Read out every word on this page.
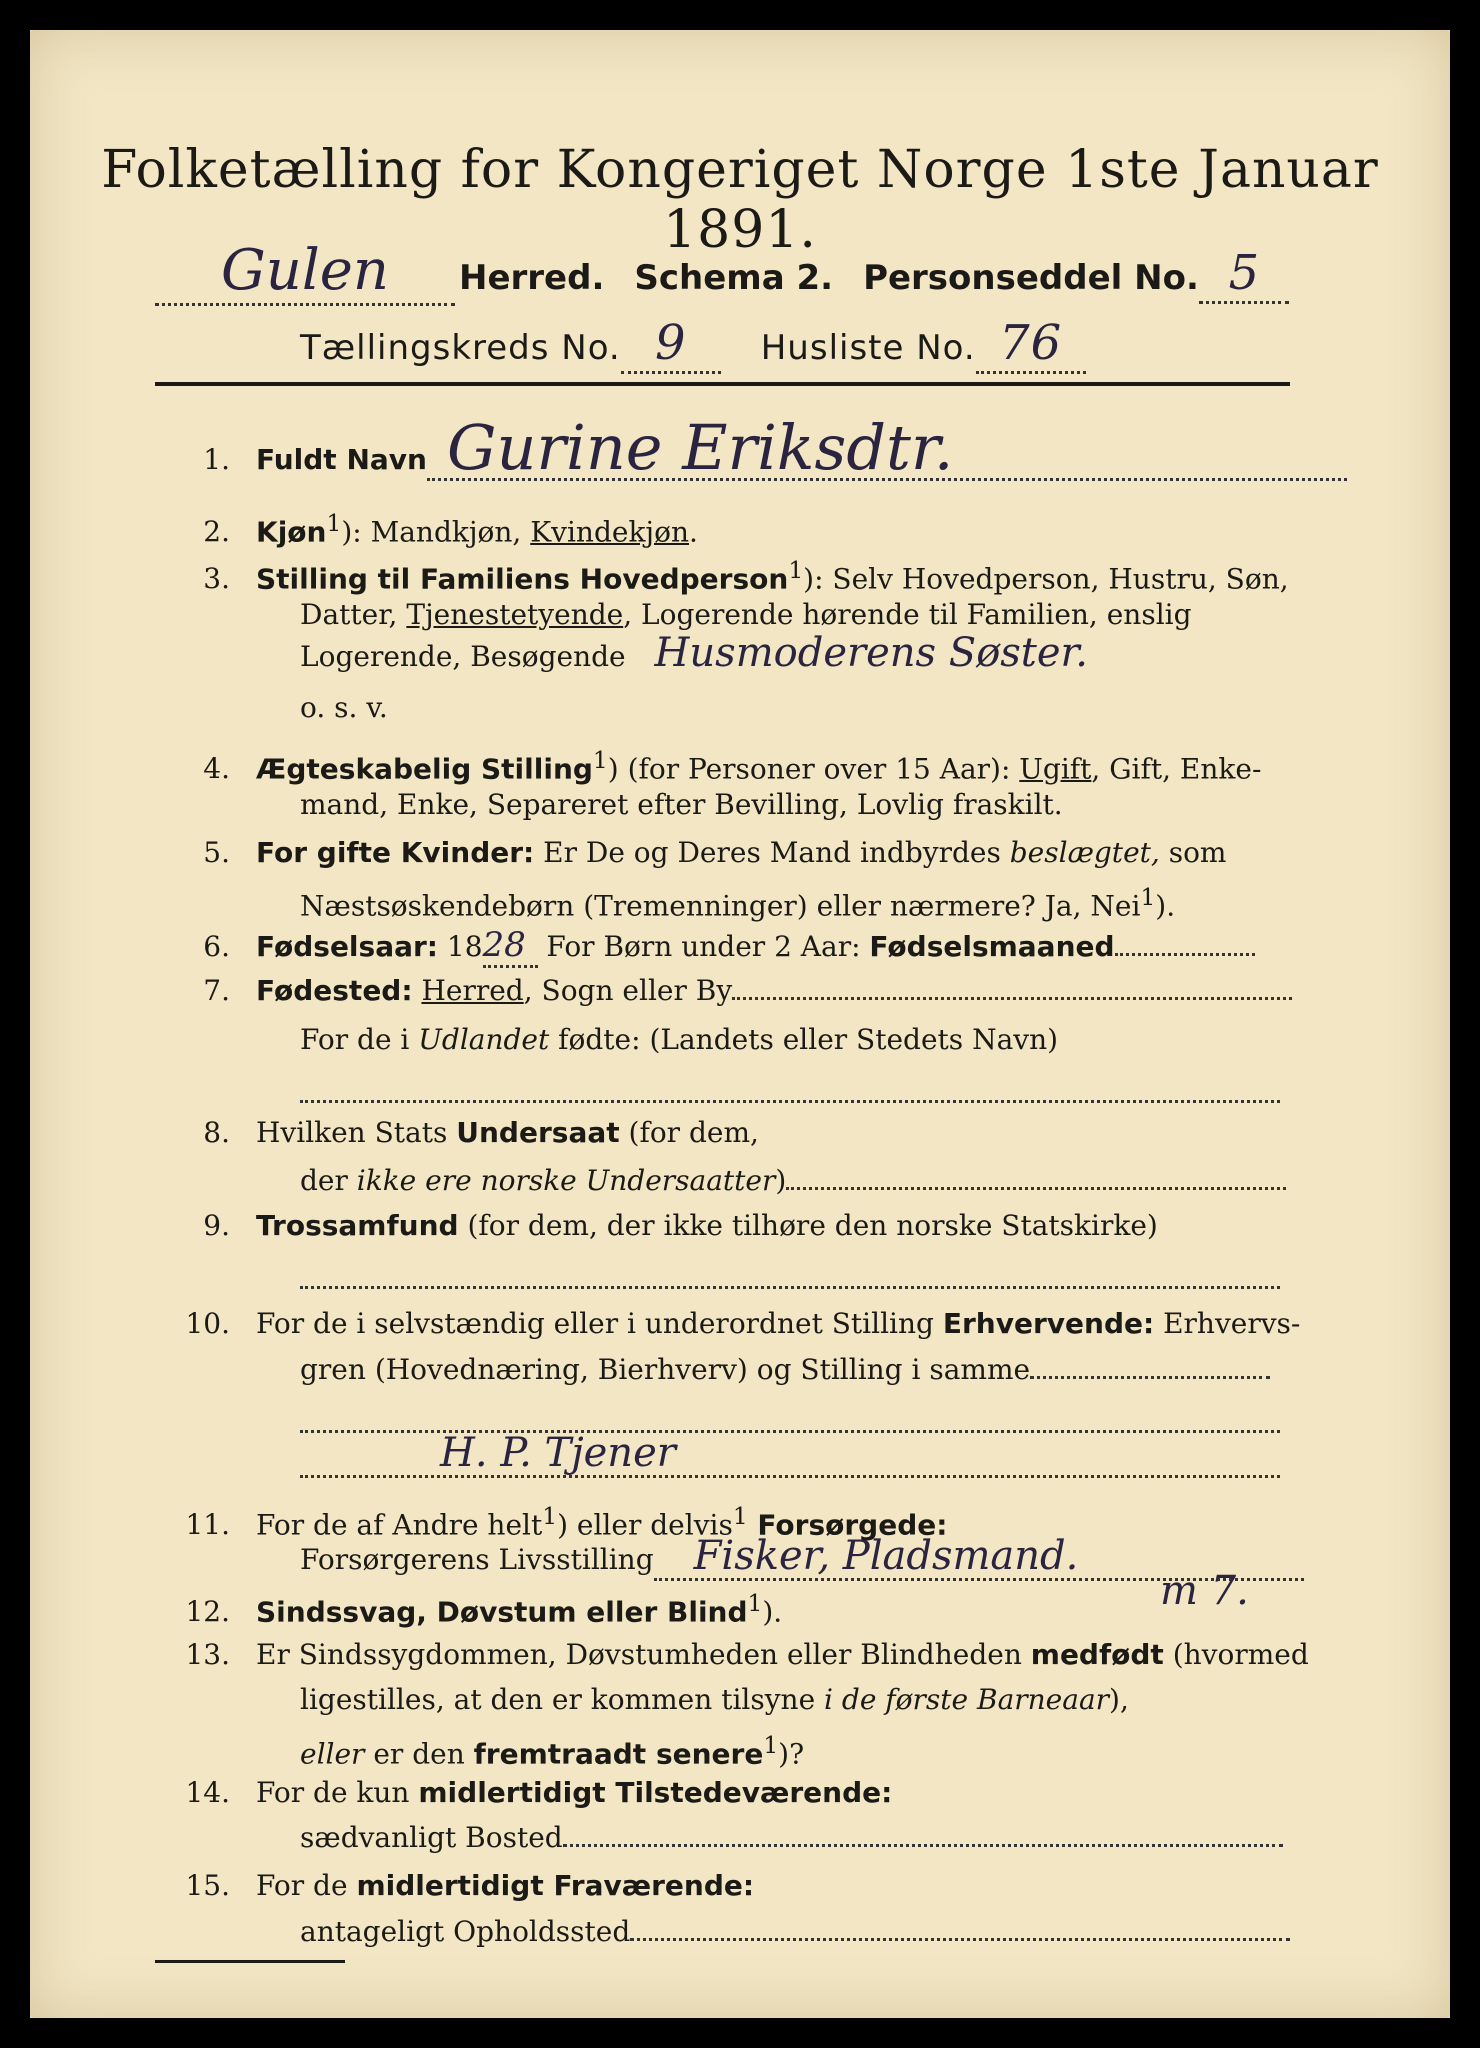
Folketælling for Kongeriget Norge 1ste Januar 1891.
Gulen	Herred. Schema 2. Personseddel No. 5
Tællingskreds No. 9	Husliste No. 76
1. Fuldt Navn Gurine Eriksdtr.
2. Kjøn$^1$): Mandkjøn, Kvindekjøn.
3. Stilling til Familiens Hovedperson$^1$): Selv Hovedperson, Hustru, Søn,
Datter, Tjenestetyende, Logerende hørende til Familien, enslig
Logerende, Besøgende Husmoderens Søster.
o. s. v.
4. Ægteskabelig Stilling$^1$) (for Personer over 15 Aar): Ugift, Gift, Enke-
mand, Enke, Separeret efter Bevilling, Lovlig fraskilt.
5. For gifte Kvinder: Er De og Deres Mand indbyrdes beslægtet, som
Næstsøskendebørn (Tremenninger) eller nærmere? Ja, Nei$^1$).
6. Fødselsaar: 1828 For Børn under 2 Aar: Fødselsmaaned
7. Fødested: Herred, Sogn eller By
For de i Udlandet fødte: (Landets eller Stedets Navn)

8. Hvilken Stats Undersaat (for dem,
der ikke ere norske Undersaatter)
9. Trossamfund (for dem, der ikke tilhøre den norske Statskirke)

10. For de i selvstændig eller i underordnet Stilling Erhvervende: Erhvervs-
gren (Hovednæring, Bierhverv) og Stilling i samme

H. P. Tjener
11. For de af Andre helt$^1$) eller delvis$^1$ Forsørgede:
Forsørgerens Livsstilling Fisker, Pladsmand.
12. Sindssvag, Døvstum eller Blind$^1$).	m 7.
13. Er Sindssygdommen, Døvstumheden eller Blindheden medfødt (hvormed
ligestilles, at den er kommen tilsyne i de første Barneaar),
eller er den fremtraadt senere$^1$)?
14. For de kun midlertidigt Tilstedeværende:
sædvanligt Bosted
15. For de midlertidigt Fraværende:
antageligt Opholdssted
